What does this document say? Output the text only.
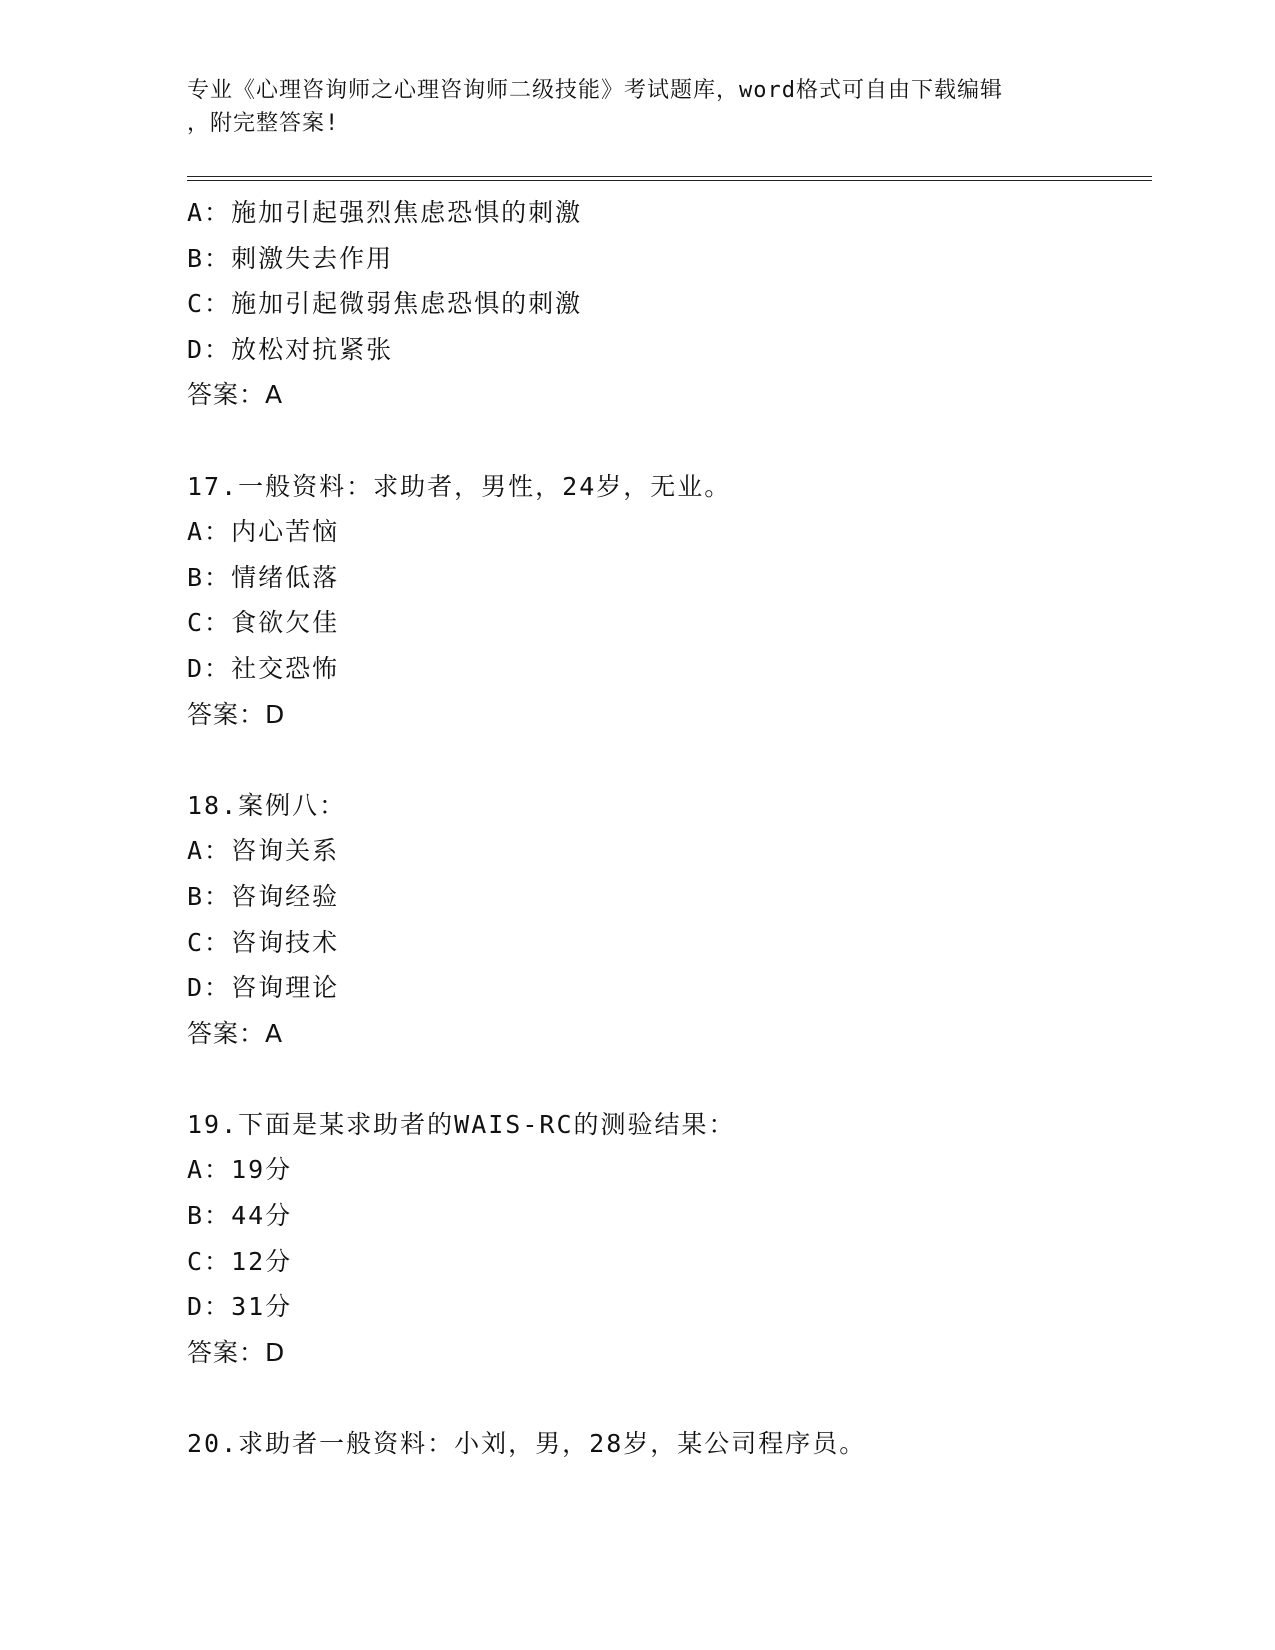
专业《心理咨询师之心理咨询师二级技能》考试题库，word格式可自由下载编辑
，附完整答案!
A：施加引起强烈焦虑恐惧的刺激
B：刺激失去作用
C：施加引起微弱焦虑恐惧的刺激
D：放松对抗紧张
答案：A
17.一般资料：求助者，男性，24岁，无业。
A：内心苦恼
B：情绪低落
C：食欲欠佳
D：社交恐怖
答案：D
18.案例八：
A：咨询关系
B：咨询经验
C：咨询技术
D：咨询理论
答案：A
19.下面是某求助者的WAIS-RC的测验结果：
A：19分
B：44分
C：12分
D：31分
答案：D
20.求助者一般资料：小刘，男，28岁，某公司程序员。
